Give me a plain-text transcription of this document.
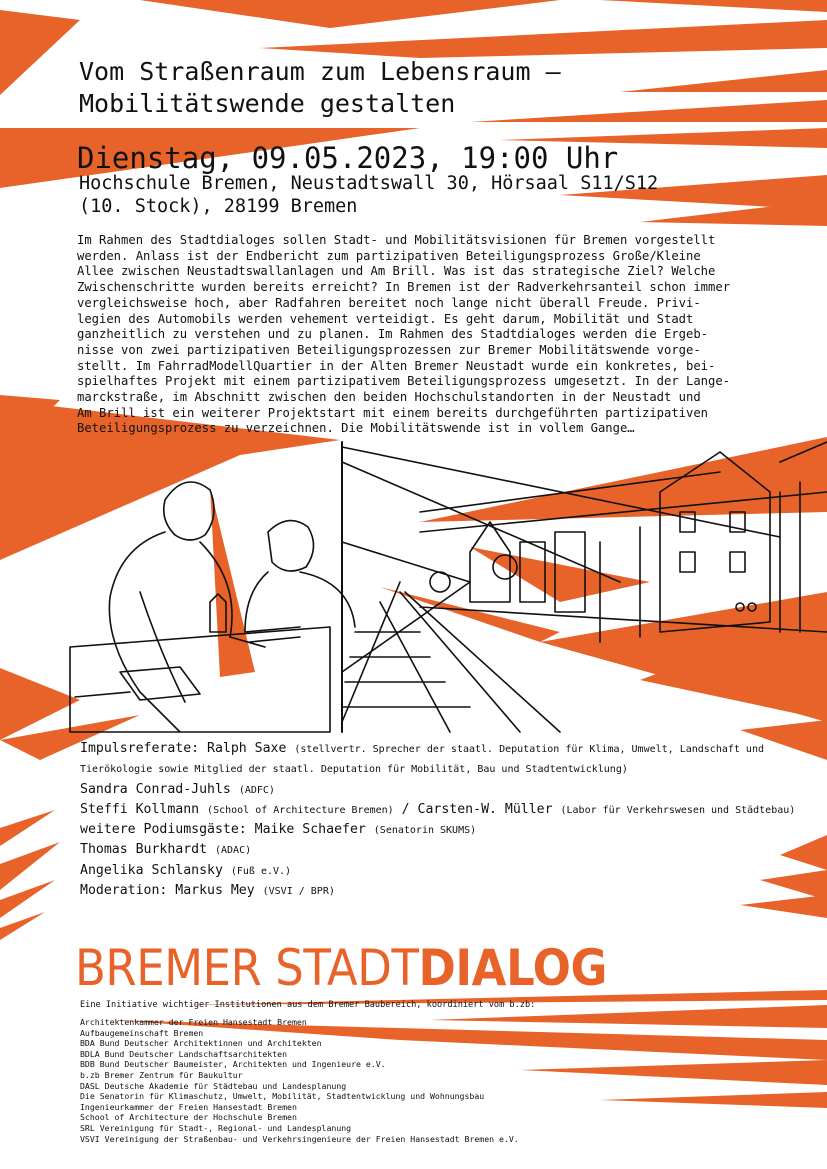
Vom Straßenraum zum Lebensraum –
Mobilitätswende gestalten
Dienstag, 09.05.2023, 19:00 Uhr
Hochschule Bremen, Neustadtswall 30, Hörsaal S11/S12
(10. Stock), 28199 Bremen
Im Rahmen des Stadtdialoges sollen Stadt- und Mobilitätsvisionen für Bremen vorgestellt
werden. Anlass ist der Endbericht zum partizipativen Beteiligungsprozess Große/Kleine
Allee zwischen Neustadtswallanlagen und Am Brill. Was ist das strategische Ziel? Welche
Zwischenschritte wurden bereits erreicht? In Bremen ist der Radverkehrsanteil schon immer
vergleichsweise hoch, aber Radfahren bereitet noch lange nicht überall Freude. Privi-
legien des Automobils werden vehement verteidigt. Es geht darum, Mobilität und Stadt
ganzheitlich zu verstehen und zu planen. Im Rahmen des Stadtdialoges werden die Ergeb-
nisse von zwei partizipativen Beteiligungsprozessen zur Bremer Mobilitätswende vorge-
stellt. Im FahrradModellQuartier in der Alten Bremer Neustadt wurde ein konkretes, bei-
spielhaftes Projekt mit einem partizipativem Beteiligungsprozess umgesetzt. In der Lange-
marckstraße, im Abschnitt zwischen den beiden Hochschulstandorten in der Neustadt und
Am Brill ist ein weiterer Projektstart mit einem bereits durchgeführten partizipativen
Beteiligungsprozess zu verzeichnen. Die Mobilitätswende ist in vollem Gange…
Impulsreferate: Ralph Saxe (stellvertr. Sprecher der staatl. Deputation für Klima, Umwelt, Landschaft und Tierökologie sowie Mitglied der staatl. Deputation für Mobilität, Bau und Stadtentwicklung)
Sandra Conrad-Juhls (ADFC)
Steffi Kollmann (School of Architecture Bremen) / Carsten-W. Müller (Labor für Verkehrswesen und Städtebau)
weitere Podiumsgäste: Maike Schaefer (Senatorin SKUMS)
Thomas Burkhardt (ADAC)
Angelika Schlansky (Fuß e.V.)
Moderation: Markus Mey (VSVI / BPR)
BREMER STADTDIALOG
Eine Initiative wichtiger Institutionen aus dem Bremer Baubereich, koordiniert vom b.zb:
Architektenkammer der Freien Hansestadt Bremen
Aufbaugemeinschaft Bremen
BDA Bund Deutscher Architektinnen und Architekten
BDLA Bund Deutscher Landschaftsarchitekten
BDB Bund Deutscher Baumeister, Architekten und Ingenieure e.V.
b.zb Bremer Zentrum für Baukultur
DASL Deutsche Akademie für Städtebau und Landesplanung
Die Senatorin für Klimaschutz, Umwelt, Mobilität, Stadtentwicklung und Wohnungsbau
Ingenieurkammer der Freien Hansestadt Bremen
School of Architecture der Hochschule Bremen
SRL Vereinigung für Stadt-, Regional- und Landesplanung
VSVI Vereinigung der Straßenbau- und Verkehrsingenieure der Freien Hansestadt Bremen e.V.
